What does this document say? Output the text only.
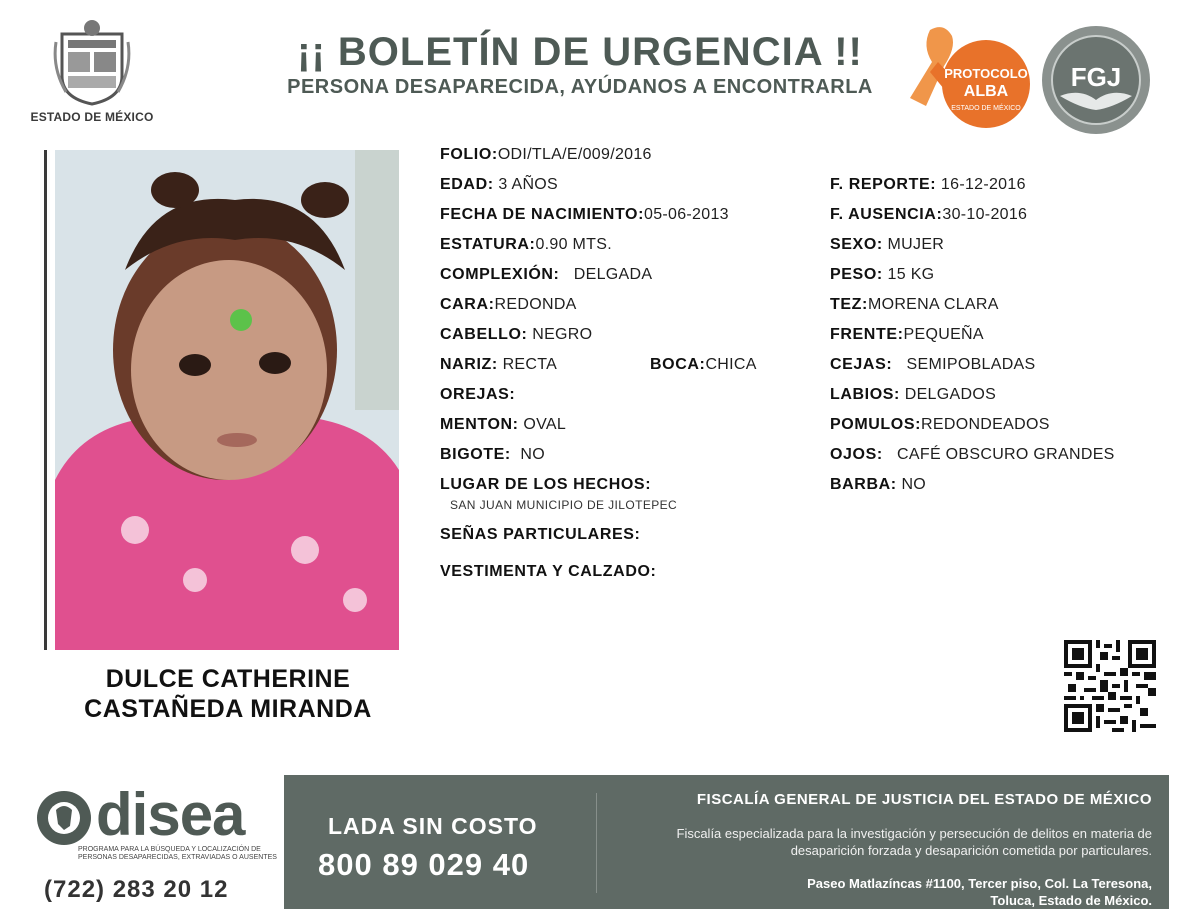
ESTADO DE MÉXICO
¡¡ BOLETÍN DE URGENCIA !!
PERSONA DESAPARECIDA, AYÚDANOS A ENCONTRARLA
PROTOCOLO
ALBA
ESTADO DE MÉXICO
FGJ
DULCE CATHERINE
CASTAÑEDA MIRANDA
FOLIO:ODI/TLA/E/009/2016
EDAD: 3 AÑOS
FECHA DE NACIMIENTO:05-06-2013
ESTATURA:0.90 MTS.
COMPLEXIÓN: DELGADA
CARA:REDONDA
CABELLO: NEGRO
NARIZ: RECTA	BOCA:CHICA
OREJAS:
MENTON: OVAL
BIGOTE: NO
LUGAR DE LOS HECHOS:
SAN JUAN MUNICIPIO DE JILOTEPEC
SEÑAS PARTICULARES:
VESTIMENTA Y CALZADO:
F. REPORTE: 16-12-2016
F. AUSENCIA:30-10-2016
SEXO: MUJER
PESO: 15 KG
TEZ:MORENA CLARA
FRENTE:PEQUEÑA
CEJAS: SEMIPOBLADAS
LABIOS: DELGADOS
POMULOS:REDONDEADOS
OJOS: CAFÉ OBSCURO GRANDES
BARBA: NO
disea
PROGRAMA PARA LA BÚSQUEDA Y LOCALIZACIÓN DE PERSONAS DESAPARECIDAS, EXTRAVIADAS O AUSENTES
(722) 283 20 12
LADA SIN COSTO
800 89 029 40
FISCALÍA GENERAL DE JUSTICIA DEL ESTADO DE MÉXICO
Fiscalía especializada para la investigación y persecución de delitos en materia de desaparición forzada y desaparición cometida por particulares.
Paseo Matlazíncas #1100, Tercer piso, Col. La Teresona,
Toluca, Estado de México.
